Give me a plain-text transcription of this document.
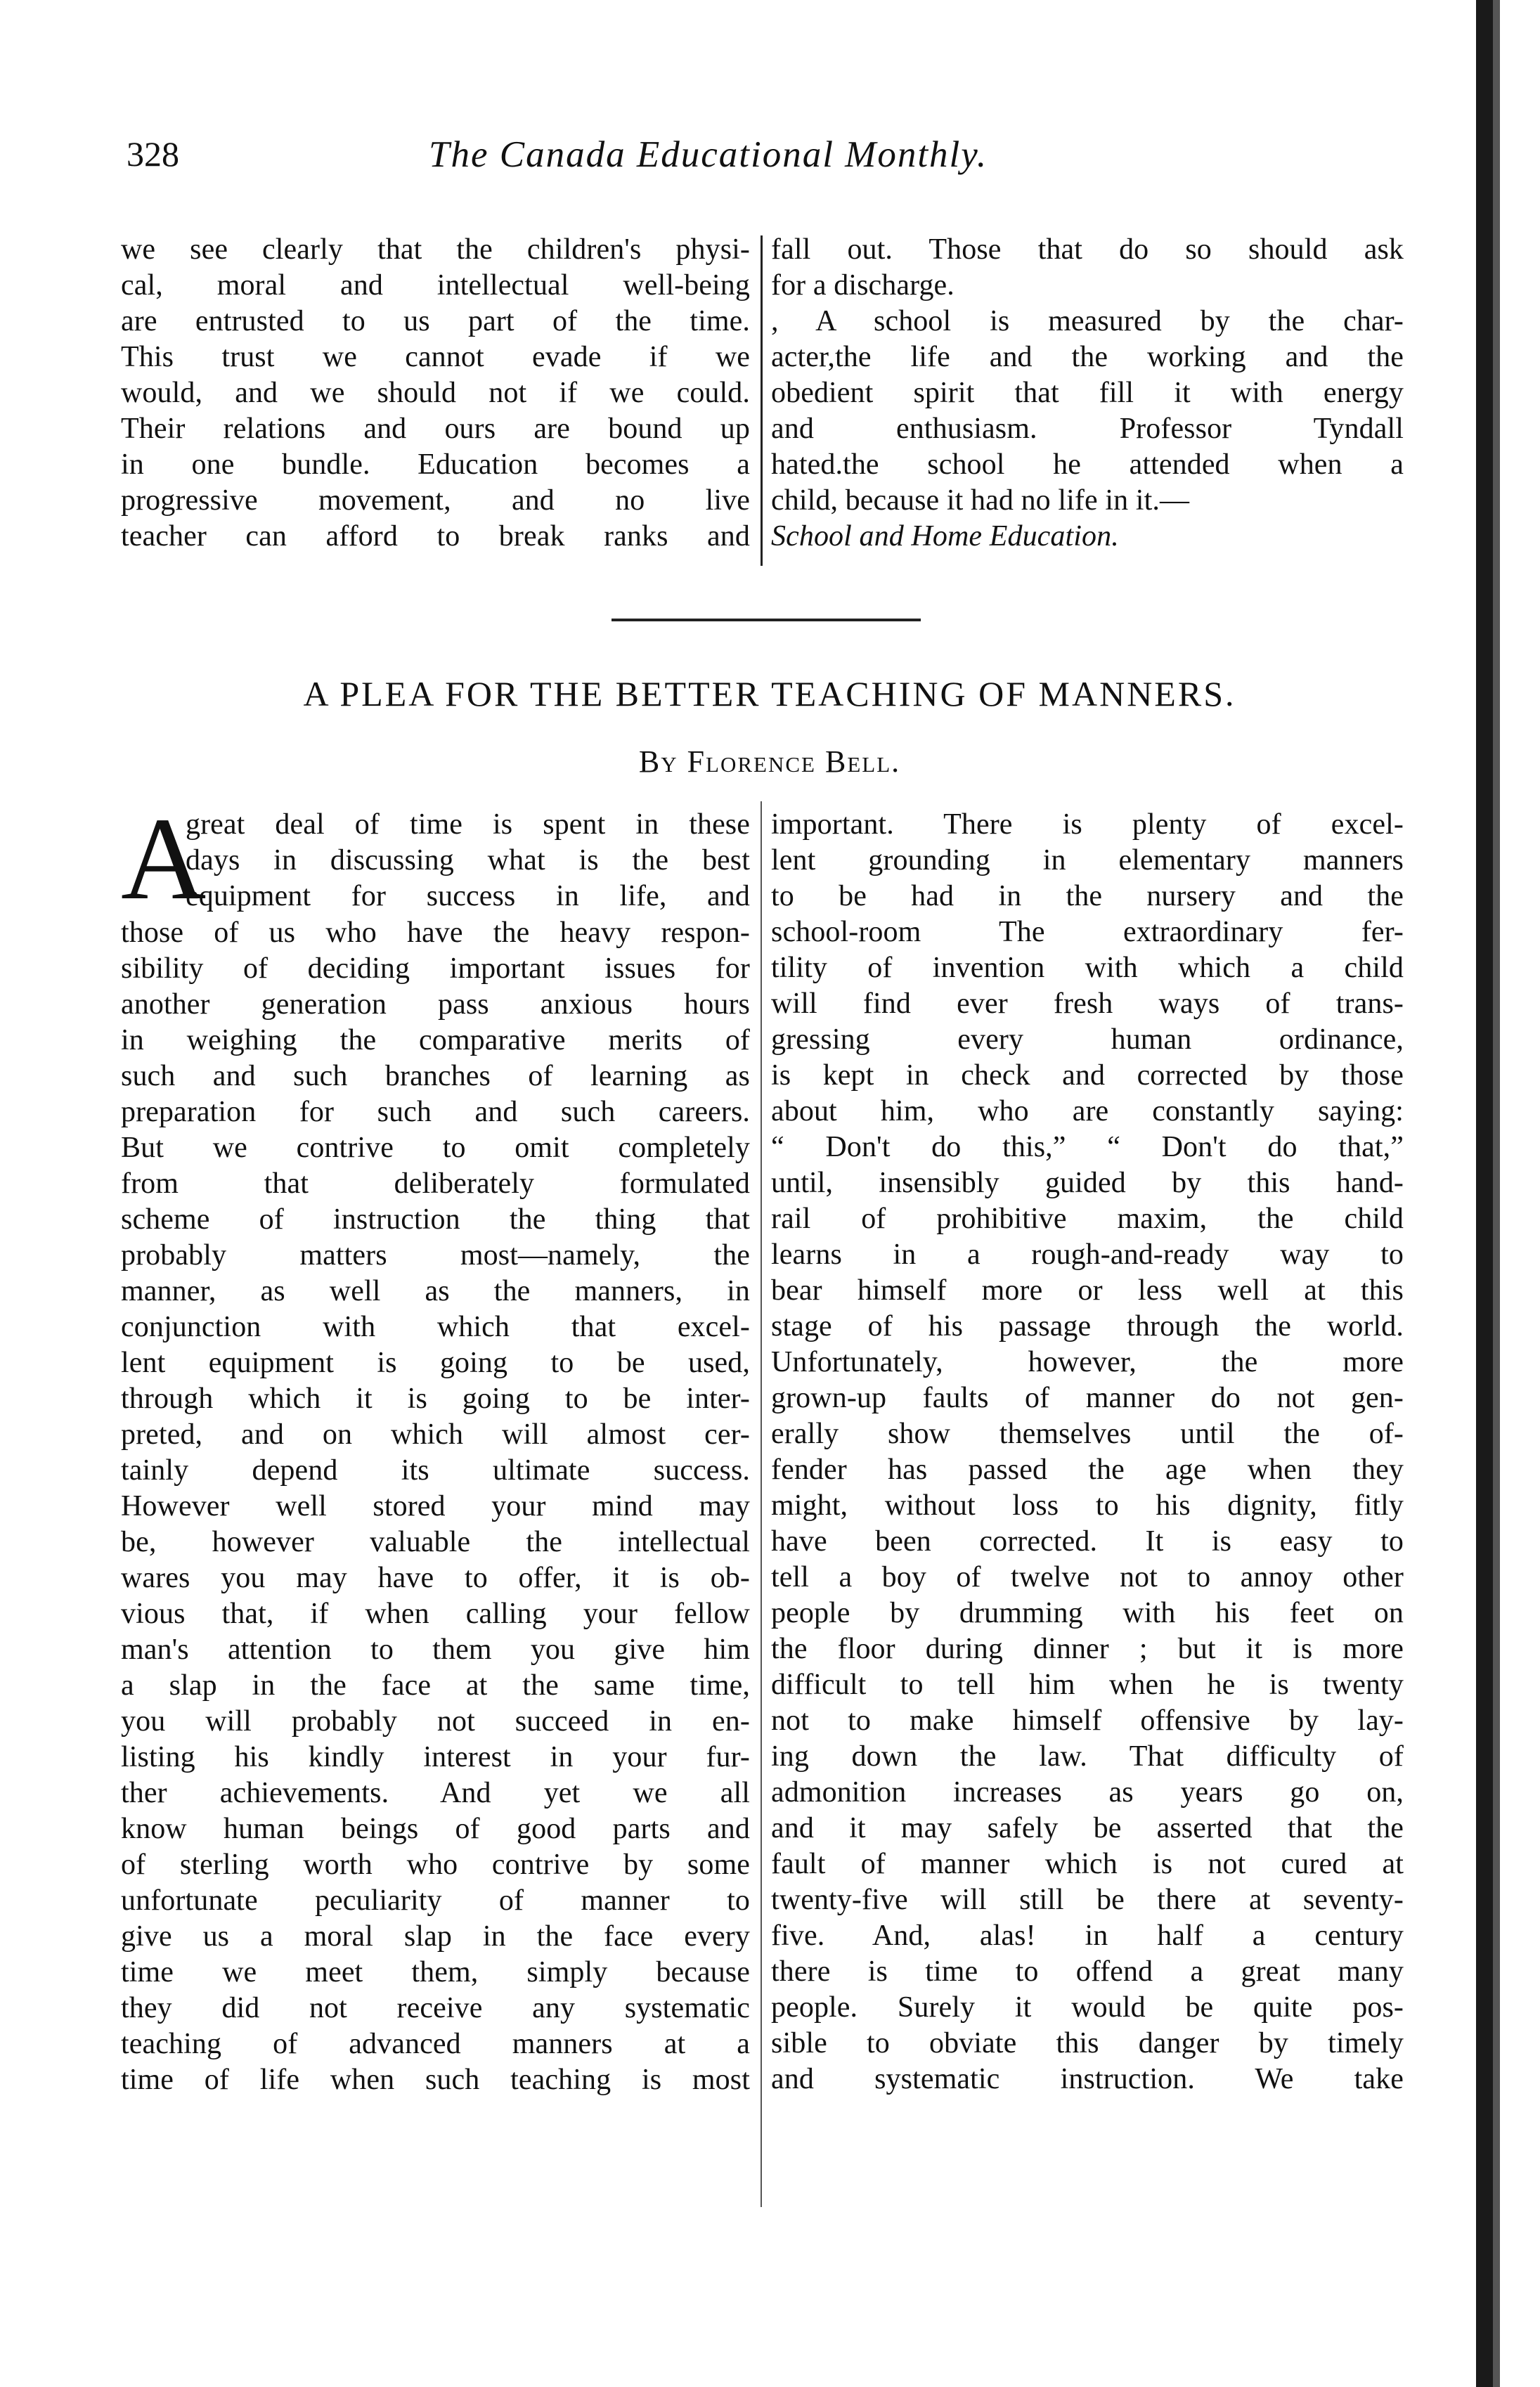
328	The Canada Educational Monthly.
we see clearly that the children's physi-
cal, moral and intellectual well-being
are entrusted to us part of the time.
This trust we cannot evade if we
would, and we should not if we could.
Their relations and ours are bound up
in one bundle. Education becomes a
progressive movement, and no live
teacher can afford to break ranks and
fall out. Those that do so should ask
for a discharge.
, A school is measured by the char-
acter,the life and the working and the
obedient spirit that fill it with energy
and enthusiasm. Professor Tyndall
hated.the school he attended when a
child, because it had no life in it.—
School and Home Education.
A PLEA FOR THE BETTER TEACHING OF MANNERS.
By Florence Bell.
A
great deal of time is spent in these
days in discussing what is the best
equipment for success in life, and
those of us who have the heavy respon-
sibility of deciding important issues for
another generation pass anxious hours
in weighing the comparative merits of
such and such branches of learning as
preparation for such and such careers.
But we contrive to omit completely
from that deliberately formulated
scheme of instruction the thing that
probably matters most—namely, the
manner, as well as the manners, in
conjunction with which that excel-
lent equipment is going to be used,
through which it is going to be inter-
preted, and on which will almost cer-
tainly depend its ultimate success.
However well stored your mind may
be, however valuable the intellectual
wares you may have to offer, it is ob-
vious that, if when calling your fellow
man's attention to them you give him
a slap in the face at the same time,
you will probably not succeed in en-
listing his kindly interest in your fur-
ther achievements. And yet we all
know human beings of good parts and
of sterling worth who contrive by some
unfortunate peculiarity of manner to
give us a moral slap in the face every
time we meet them, simply because
they did not receive any systematic
teaching of advanced manners at a
time of life when such teaching is most
important. There is plenty of excel-
lent grounding in elementary manners
to be had in the nursery and the
school-room The extraordinary fer-
tility of invention with which a child
will find ever fresh ways of trans-
gressing every human ordinance,
is kept in check and corrected by those
about him, who are constantly saying:
“ Don't do this,” “ Don't do that,”
until, insensibly guided by this hand-
rail of prohibitive maxim, the child
learns in a rough-and-ready way to
bear himself more or less well at this
stage of his passage through the world.
Unfortunately, however, the more
grown-up faults of manner do not gen-
erally show themselves until the of-
fender has passed the age when they
might, without loss to his dignity, fitly
have been corrected. It is easy to
tell a boy of twelve not to annoy other
people by drumming with his feet on
the floor during dinner ; but it is more
difficult to tell him when he is twenty
not to make himself offensive by lay-
ing down the law. That difficulty of
admonition increases as years go on,
and it may safely be asserted that the
fault of manner which is not cured at
twenty-five will still be there at seventy-
five. And, alas! in half a century
there is time to offend a great many
people. Surely it would be quite pos-
sible to obviate this danger by timely
and systematic instruction. We take
